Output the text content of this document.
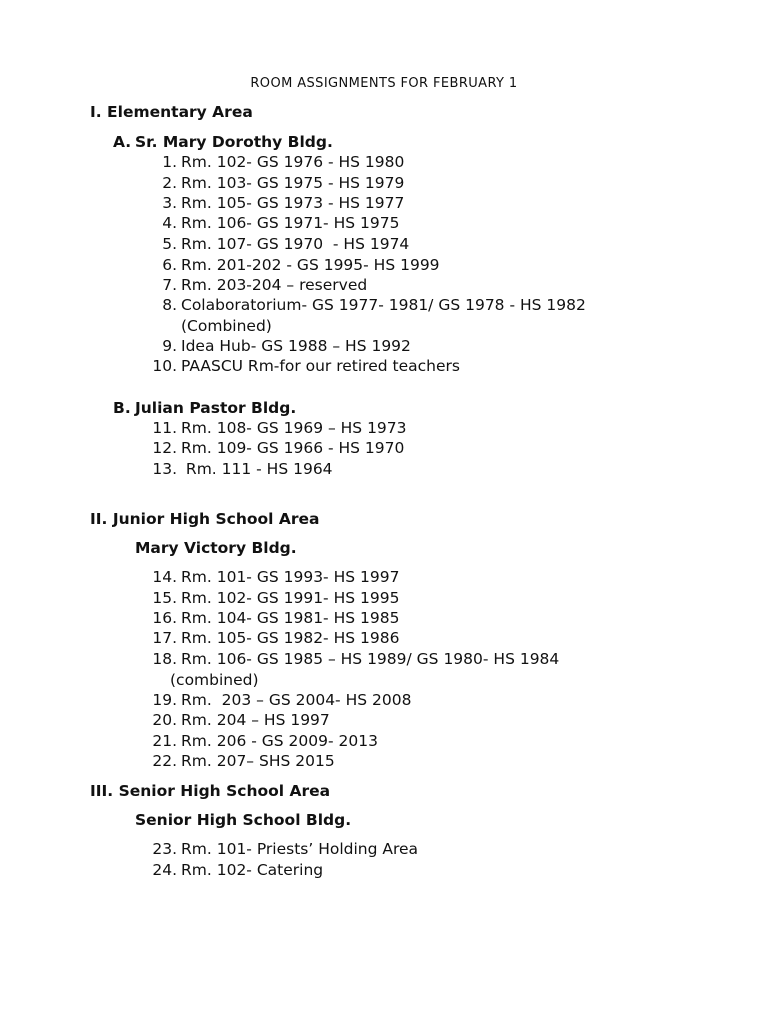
ROOM ASSIGNMENTS FOR FEBRUARY 1
I. Elementary Area
A. Sr. Mary Dorothy Bldg.
1. Rm. 102- GS 1976 - HS 1980
2. Rm. 103- GS 1975 - HS 1979
3. Rm. 105- GS 1973 - HS 1977
4. Rm. 106- GS 1971- HS 1975
5. Rm. 107- GS 1970  - HS 1974
6. Rm. 201-202 - GS 1995- HS 1999
7. Rm. 203-204 – reserved
8. Colaboratorium- GS 1977- 1981/ GS 1978 - HS 1982
(Combined)
9. Idea Hub- GS 1988 – HS 1992
10. PAASCU Rm-for our retired teachers
B. Julian Pastor Bldg.
11. Rm. 108- GS 1969 – HS 1973
12. Rm. 109- GS 1966 - HS 1970
13. Rm. 111 - HS 1964
II. Junior High School Area
Mary Victory Bldg.
14. Rm. 101- GS 1993- HS 1997
15. Rm. 102- GS 1991- HS 1995
16. Rm. 104- GS 1981- HS 1985
17. Rm. 105- GS 1982- HS 1986
18. Rm. 106- GS 1985 – HS 1989/ GS 1980- HS 1984
(combined)
19. Rm.  203 – GS 2004- HS 2008
20. Rm. 204 – HS 1997
21. Rm. 206 - GS 2009- 2013
22. Rm. 207– SHS 2015
III. Senior High School Area
Senior High School Bldg.
23. Rm. 101- Priests’ Holding Area
24. Rm. 102- Catering
